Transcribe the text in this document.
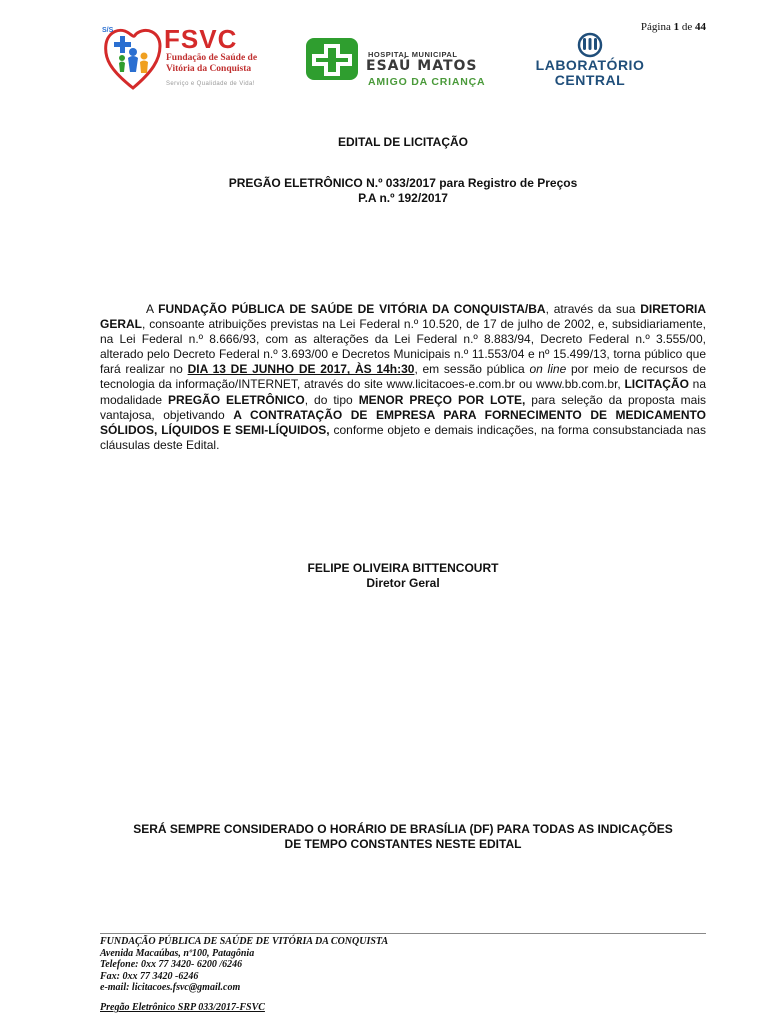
Página 1 de 44
S/S FSVC
Fundação de Saúde de
Vitória da Conquista
Serviço e Qualidade de Vida!
HOSPITAL MUNICIPAL
ESAÚ MATOS
AMIGO DA CRIANÇA
LABORATÓRIO
CENTRAL
EDITAL DE LICITAÇÃO
PREGÃO ELETRÔNICO N.º 033/2017 para Registro de Preços
P.A n.º 192/2017
A FUNDAÇÃO PÚBLICA DE SAÚDE DE VITÓRIA DA CONQUISTA/BA, através da sua DIRETORIA GERAL, consoante atribuições previstas na Lei Federal n.º 10.520, de 17 de julho de 2002, e, subsidiariamente, na Lei Federal n.º 8.666/93, com as alterações da Lei Federal n.º 8.883/94, Decreto Federal n.º 3.555/00, alterado pelo Decreto Federal n.º 3.693/00 e Decretos Municipais n.º 11.553/04 e nº 15.499/13, torna público que fará realizar no DIA 13 DE JUNHO DE 2017, ÀS 14h:30, em sessão pública on line por meio de recursos de tecnologia da informação/INTERNET, através do site www.licitacoes-e.com.br ou www.bb.com.br, LICITAÇÃO na modalidade PREGÃO ELETRÔNICO, do tipo MENOR PREÇO POR LOTE, para seleção da proposta mais vantajosa, objetivando A CONTRATAÇÃO DE EMPRESA PARA FORNECIMENTO DE MEDICAMENTO SÓLIDOS, LÍQUIDOS E SEMI-LÍQUIDOS, conforme objeto e demais indicações, na forma consubstanciada nas cláusulas deste Edital.
FELIPE OLIVEIRA BITTENCOURT
Diretor Geral
SERÁ SEMPRE CONSIDERADO O HORÁRIO DE BRASÍLIA (DF) PARA TODAS AS INDICAÇÕES
DE TEMPO CONSTANTES NESTE EDITAL
FUNDAÇÃO PÚBLICA DE SAÚDE DE VITÓRIA DA CONQUISTA
Avenida Macaúbas, nº100, Patagônia
Telefone: 0xx 77 3420- 6200 /6246
Fax: 0xx 77 3420 -6246
e-mail: licitacoes.fsvc@gmail.com
Pregão Eletrônico SRP 033/2017-FSVC
